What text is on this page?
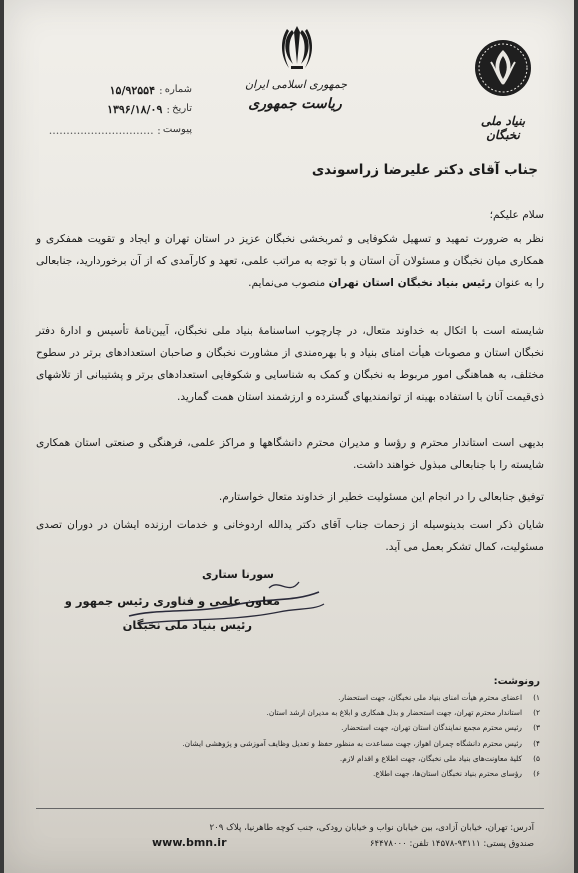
بنیاد ملی نخبگان
جمهوری اسلامی ایران
ریاست جمهوری
شماره
:
۱۵/۹۲۵۵۴
تاریخ
:
۱۳۹۶/۱۸/۰۹
پیوست
: ..............................
جناب آقای دکتر علیرضا زراسوندی
سلام علیکم؛

نظر به ضرورت تمهید و تسهیل شکوفایی و ثمربخشی نخبگان عزیز در استان تهران و ایجاد و تقویت همفکری و همکاری میان نخبگان و مسئولان آن استان و با توجه به مراتب علمی، تعهد و کارآمدی که از آن برخوردارید، جنابعالی را به عنوان رئیس بنیاد نخبگان استان تهران منصوب می‌نمایم.

شایسته است با اتکال به خداوند متعال، در چارچوب اساسنامهٔ بنیاد ملی نخبگان، آیین‌نامهٔ تأسیس و ادارهٔ دفتر نخبگان استان و مصوبات هیأت امنای بنیاد و با بهره‌مندی از مشاورت نخبگان و صاحبان استعدادهای برتر در سطوح مختلف، به هماهنگی امور مربوط به نخبگان و کمک به شناسایی و شکوفایی استعدادهای برتر و پشتیبانی از تلاشهای ذی‌قیمت آنان با استفاده بهینه از توانمندیهای گسترده و ارزشمند استان همت گمارید.

بدیهی است استاندار محترم و رؤسا و مدیران محترم دانشگاهها و مراکز علمی، فرهنگی و صنعتی استان همکاری شایسته را با جنابعالی مبذول خواهند داشت.

توفیق جنابعالی را در انجام این مسئولیت خطیر از خداوند متعال خواستارم.

شایان ذکر است بدینوسیله از زحمات جناب آقای دکتر یدالله اردوخانی و خدمات ارزنده ایشان در دوران تصدی مسئولیت، کمال تشکر بعمل می آید.

سورنا ستاری
معاون علمی و فناوری رئیس جمهور و
رئیس بنیاد ملی نخبگان
رونوشت:
۱)
اعضای محترم هیأت امنای بنیاد ملی نخبگان، جهت استحضار.
۲)
استاندار محترم تهران، جهت استحضار و بذل همکاری و ابلاغ به مدیران ارشد استان.
۳)
رئیس محترم مجمع نمایندگان استان تهران، جهت استحضار.
۴)
رئیس محترم دانشگاه چمران اهواز، جهت مساعدت به منظور حفظ و تعدیل وظایف آموزشی و پژوهشی ایشان.
۵)
کلیهٔ معاونت‌های بنیاد ملی نخبگان، جهت اطلاع و اقدام لازم.
۶)
رؤسای محترم بنیاد نخبگان استان‌ها، جهت اطلاع.
آدرس: تهران، خیابان آزادی، بین خیابان نواب و خیابان رودکی، جنب کوچه طاهرنیا، پلاک ۲۰۹
صندوق پستی: ۹۳۱۱۱-۱۴۵۷۸ تلفن: ۶۴۴۷۸۰۰۰
www.bmn.ir
